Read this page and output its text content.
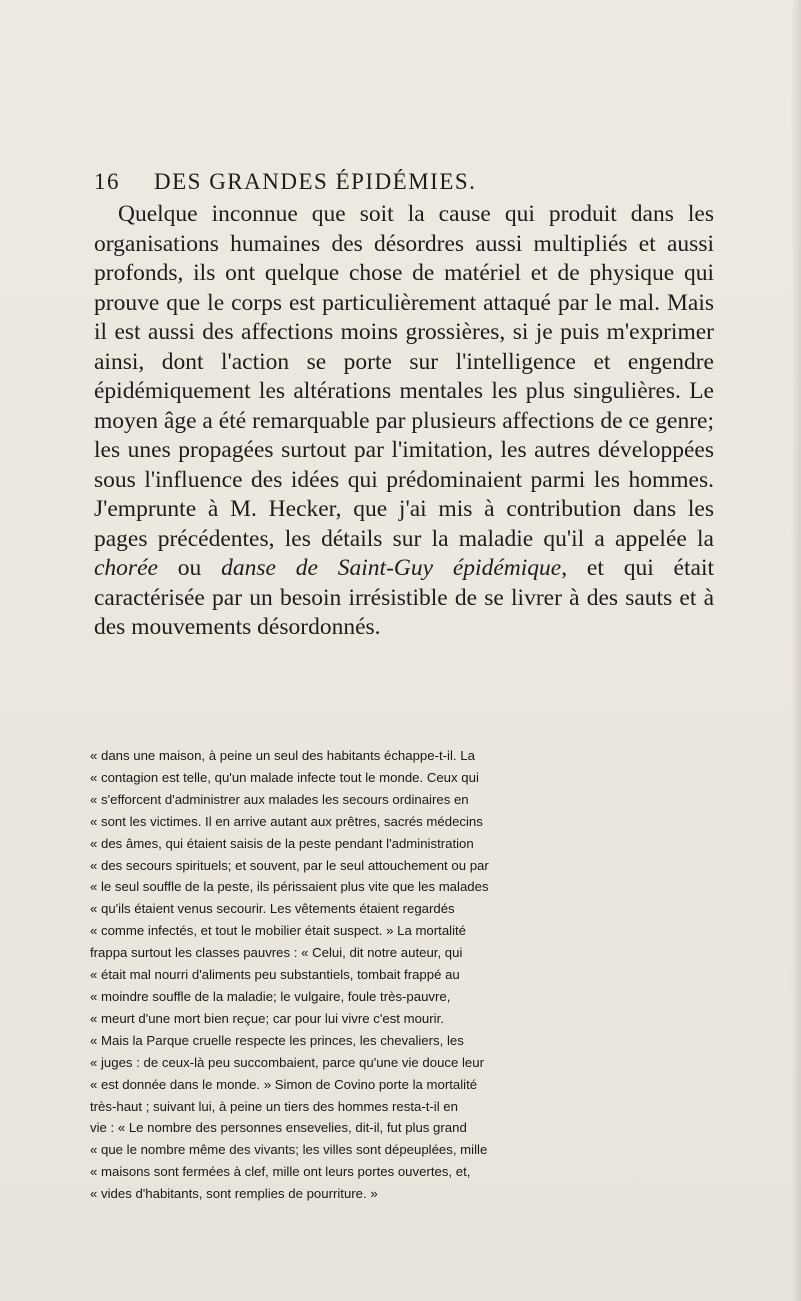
16 DES GRANDES ÉPIDÉMIES.

Quelque inconnue que soit la cause qui produit dans les organisations humaines des désordres aussi multipliés et aussi profonds, ils ont quelque chose de matériel et de physique qui prouve que le corps est particulièrement attaqué par le mal. Mais il est aussi des affections moins grossières, si je puis m'exprimer ainsi, dont l'action se porte sur l'intelligence et engendre épidémiquement les altérations mentales les plus singulières. Le moyen âge a été remarquable par plusieurs affections de ce genre; les unes propagées surtout par l'imitation, les autres développées sous l'influence des idées qui prédominaient parmi les hommes. J'emprunte à M. Hecker, que j'ai mis à contribution dans les pages précédentes, les détails sur la maladie qu'il a appelée la chorée ou danse de Saint-Guy épidémique, et qui était caractérisée par un besoin irrésistible de se livrer à des sauts et à des mouvements désordonnés.

« dans une maison, à peine un seul des habitants échappe-t-il. La
« contagion est telle, qu'un malade infecte tout le monde. Ceux qui
« s'efforcent d'administrer aux malades les secours ordinaires en
« sont les victimes. Il en arrive autant aux prêtres, sacrés médecins
« des âmes, qui étaient saisis de la peste pendant l'administration
« des secours spirituels; et souvent, par le seul attouchement ou par
« le seul souffle de la peste, ils périssaient plus vite que les malades
« qu'ils étaient venus secourir. Les vêtements étaient regardés
« comme infectés, et tout le mobilier était suspect. » La mortalité
frappa surtout les classes pauvres : « Celui, dit notre auteur, qui
« était mal nourri d'aliments peu substantiels, tombait frappé au
« moindre souffle de la maladie; le vulgaire, foule très-pauvre,
« meurt d'une mort bien reçue; car pour lui vivre c'est mourir.
« Mais la Parque cruelle respecte les princes, les chevaliers, les
« juges : de ceux-là peu succombaient, parce qu'une vie douce leur
« est donnée dans le monde. » Simon de Covino porte la mortalité
très-haut ; suivant lui, à peine un tiers des hommes resta-t-il en
vie : « Le nombre des personnes ensevelies, dit-il, fut plus grand
« que le nombre même des vivants; les villes sont dépeuplées, mille
« maisons sont fermées à clef, mille ont leurs portes ouvertes, et,
« vides d'habitants, sont remplies de pourriture. »
